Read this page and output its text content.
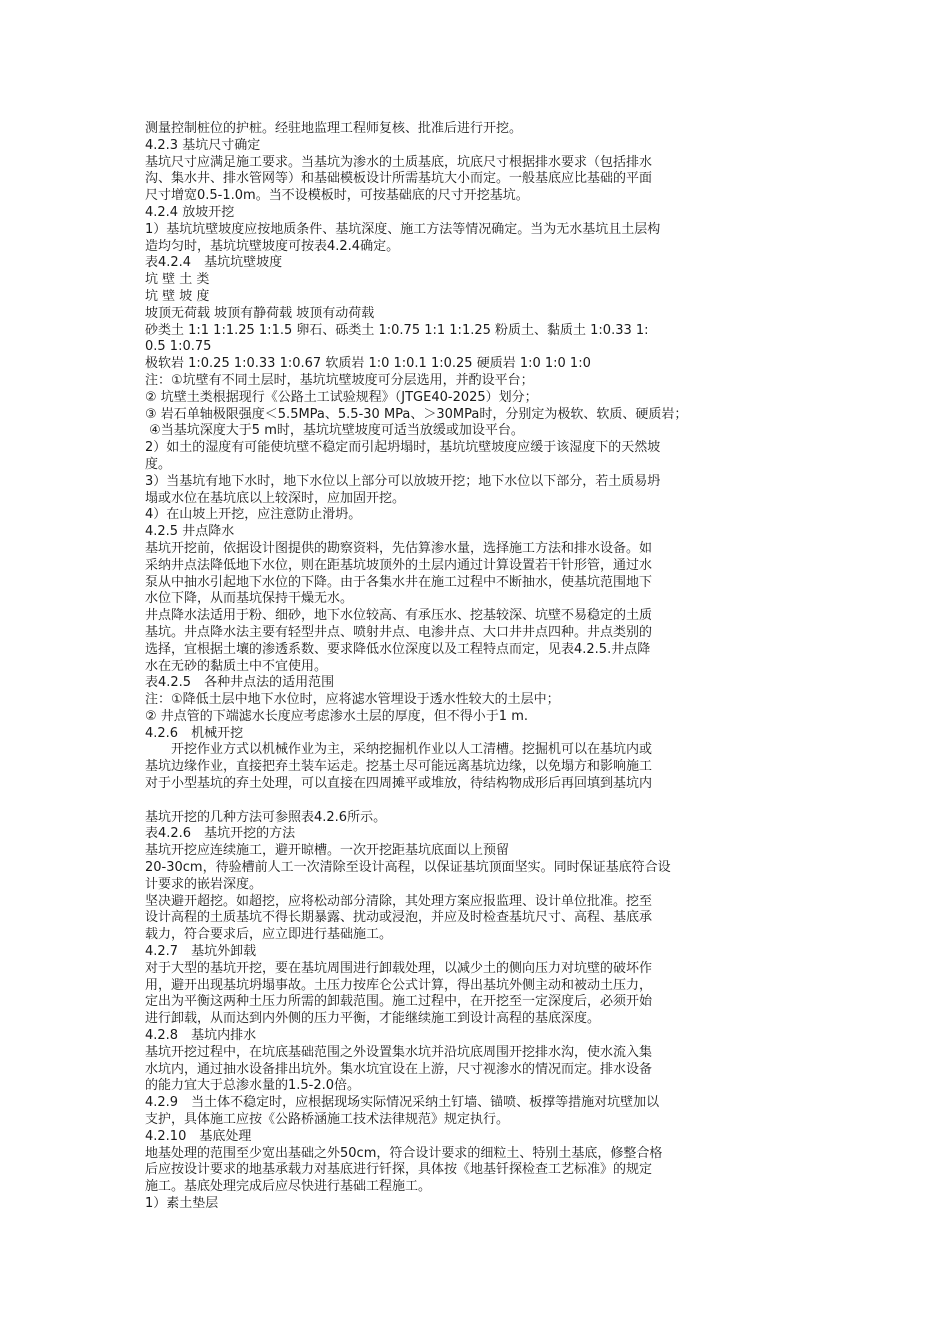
测量控制桩位的护桩。经驻地监理工程师复核、批准后进行开挖。
4.2.3 基坑尺寸确定
基坑尺寸应满足施工要求。当基坑为渗水的土质基底，坑底尺寸根据排水要求（包括排水
沟、集水井、排水管网等）和基础模板设计所需基坑大小而定。一般基底应比基础的平面
尺寸增宽0.5-1.0m。当不设模板时，可按基础底的尺寸开挖基坑。
4.2.4 放坡开挖
1）基坑坑壁坡度应按地质条件、基坑深度、施工方法等情况确定。当为无水基坑且土层构
造均匀时，基坑坑壁坡度可按表4.2.4确定。
表4.2.4　基坑坑壁坡度
坑 壁 土 类
坑 壁 坡 度
坡顶无荷载 坡顶有静荷载 坡顶有动荷载
砂类土 1:1 1:1.25 1:1.5 卵石、砾类土 1:0.75 1:1 1:1.25 粉质土、黏质土 1:0.33 1:
0.5 1:0.75
极软岩 1:0.25 1:0.33 1:0.67 软质岩 1:0 1:0.1 1:0.25 硬质岩 1:0 1:0 1:0
注：①坑壁有不同土层时，基坑坑壁坡度可分层选用，并酌设平台；
② 坑壁土类根据现行《公路土工试验规程》（JTGE40-2025）划分；
③ 岩石单轴极限强度＜5.5MPa、5.5-30 MPa、＞30MPa时，分别定为极软、软质、硬质岩；
④当基坑深度大于5 m时，基坑坑壁坡度可适当放缓或加设平台。
2）如土的湿度有可能使坑壁不稳定而引起坍塌时，基坑坑壁坡度应缓于该湿度下的天然坡
度。
3）当基坑有地下水时，地下水位以上部分可以放坡开挖；地下水位以下部分，若土质易坍
塌或水位在基坑底以上较深时，应加固开挖。
4）在山坡上开挖，应注意防止滑坍。
4.2.5 井点降水
基坑开挖前，依据设计图提供的勘察资料，先估算渗水量，选择施工方法和排水设备。如
采纳井点法降低地下水位，则在距基坑坡顶外的土层内通过计算设置若干针形管，通过水
泵从中抽水引起地下水位的下降。由于各集水井在施工过程中不断抽水，使基坑范围地下
水位下降，从而基坑保持干燥无水。
井点降水法适用于粉、细砂，地下水位较高、有承压水、挖基较深、坑壁不易稳定的土质
基坑。井点降水法主要有轻型井点、喷射井点、电渗井点、大口井井点四种。井点类别的
选择，宜根据土壤的渗透系数、要求降低水位深度以及工程特点而定，见表4.2.5.井点降
水在无砂的黏质土中不宜使用。
表4.2.5　各种井点法的适用范围
注：①降低土层中地下水位时，应将滤水管埋设于透水性较大的土层中；
② 井点管的下端滤水长度应考虑渗水土层的厚度，但不得小于1 m.
4.2.6　机械开挖
　　开挖作业方式以机械作业为主，采纳挖掘机作业以人工清槽。挖掘机可以在基坑内或
基坑边缘作业，直接把弃土装车运走。挖基土尽可能远离基坑边缘，以免塌方和影响施工
对于小型基坑的弃土处理，可以直接在四周摊平或堆放，待结构物成形后再回填到基坑内
基坑开挖的几种方法可参照表4.2.6所示。
表4.2.6　基坑开挖的方法
基坑开挖应连续施工，避开晾槽。一次开挖距基坑底面以上预留
20-30cm，待验槽前人工一次清除至设计高程，以保证基坑顶面坚实。同时保证基底符合设
计要求的嵌岩深度。
坚决避开超挖。如超挖，应将松动部分清除，其处理方案应报监理、设计单位批准。挖至
设计高程的土质基坑不得长期暴露、扰动或浸泡，并应及时检查基坑尺寸、高程、基底承
载力，符合要求后，应立即进行基础施工。
4.2.7　基坑外卸载
对于大型的基坑开挖，要在基坑周围进行卸载处理，以减少土的侧向压力对坑壁的破坏作
用，避开出现基坑坍塌事故。土压力按库仑公式计算，得出基坑外侧主动和被动土压力，
定出为平衡这两种土压力所需的卸载范围。施工过程中，在开挖至一定深度后，必须开始
进行卸载，从而达到内外侧的压力平衡，才能继续施工到设计高程的基底深度。
4.2.8　基坑内排水
基坑开挖过程中，在坑底基础范围之外设置集水坑并沿坑底周围开挖排水沟，使水流入集
水坑内，通过抽水设备排出坑外。集水坑宜设在上游，尺寸视渗水的情况而定。排水设备
的能力宜大于总渗水量的1.5-2.0倍。
4.2.9　当土体不稳定时，应根据现场实际情况采纳土钉墙、锚喷、板撑等措施对坑壁加以
支护，具体施工应按《公路桥涵施工技术法律规范》规定执行。
4.2.10　基底处理
地基处理的范围至少宽出基础之外50cm，符合设计要求的细粒土、特别土基底，修整合格
后应按设计要求的地基承载力对基底进行钎探，具体按《地基钎探检查工艺标准》的规定
施工。基底处理完成后应尽快进行基础工程施工。
1）素土垫层
